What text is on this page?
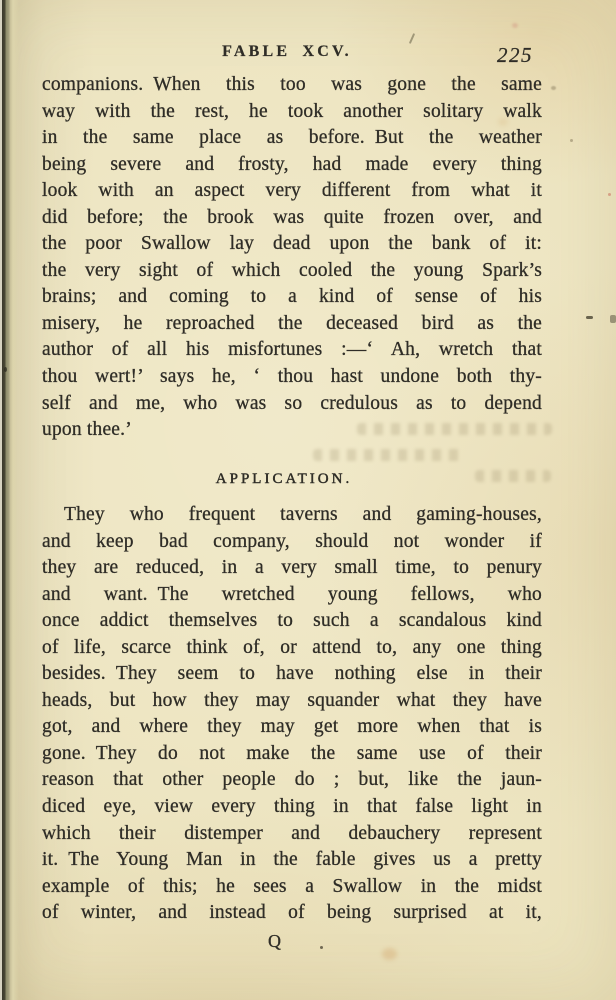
FABLE XCV.	225
companions. When this too was gone the same
way with the rest, he took another solitary walk
in the same place as before. But the weather
being severe and frosty, had made every thing
look with an aspect very different from what it
did before; the brook was quite frozen over, and
the poor Swallow lay dead upon the bank of it:
the very sight of which cooled the young Spark’s
brains; and coming to a kind of sense of his
misery, he reproached the deceased bird as the
author of all his misfortunes :—‘ Ah, wretch that
thou wert!’ says he, ‘ thou hast undone both thy-
self and me, who was so credulous as to depend
upon thee.’
APPLICATION.
They who frequent taverns and gaming-houses,
and keep bad company, should not wonder if
they are reduced, in a very small time, to penury
and want. The wretched young fellows, who
once addict themselves to such a scandalous kind
of life, scarce think of, or attend to, any one thing
besides. They seem to have nothing else in their
heads, but how they may squander what they have
got, and where they may get more when that is
gone. They do not make the same use of their
reason that other people do ; but, like the jaun-
diced eye, view every thing in that false light in
which their distemper and debauchery represent
it. The Young Man in the fable gives us a pretty
example of this; he sees a Swallow in the midst
of winter, and instead of being surprised at it,
Q
